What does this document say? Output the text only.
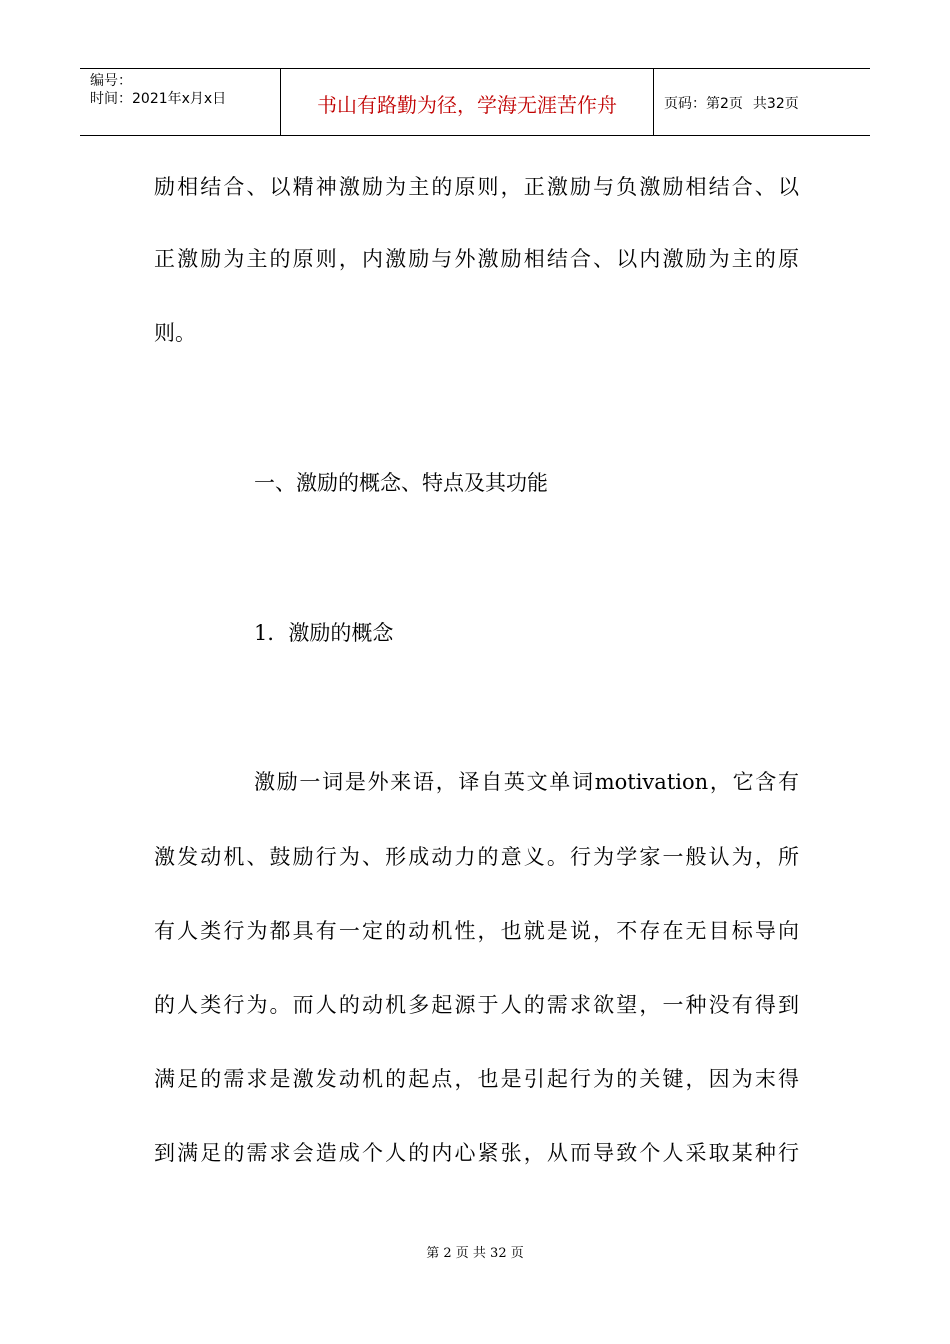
编号：
时间：2021年x月x日	书山有路勤为径，学海无涯苦作舟	页码：第2页 共32页
励相结合、以精神激励为主的原则，正激励与负激励相结合、以
正激励为主的原则，内激励与外激励相结合、以内激励为主的原
则。
一、激励的概念、特点及其功能
1．激励的概念
激励一词是外来语，译自英文单词motivation，它含有
激发动机、鼓励行为、形成动力的意义。行为学家一般认为，所
有人类行为都具有一定的动机性，也就是说，不存在无目标导向
的人类行为。而人的动机多起源于人的需求欲望，一种没有得到
满足的需求是激发动机的起点，也是引起行为的关键，因为末得
到满足的需求会造成个人的内心紧张，从而导致个人采取某种行
第 2 页 共 32 页
